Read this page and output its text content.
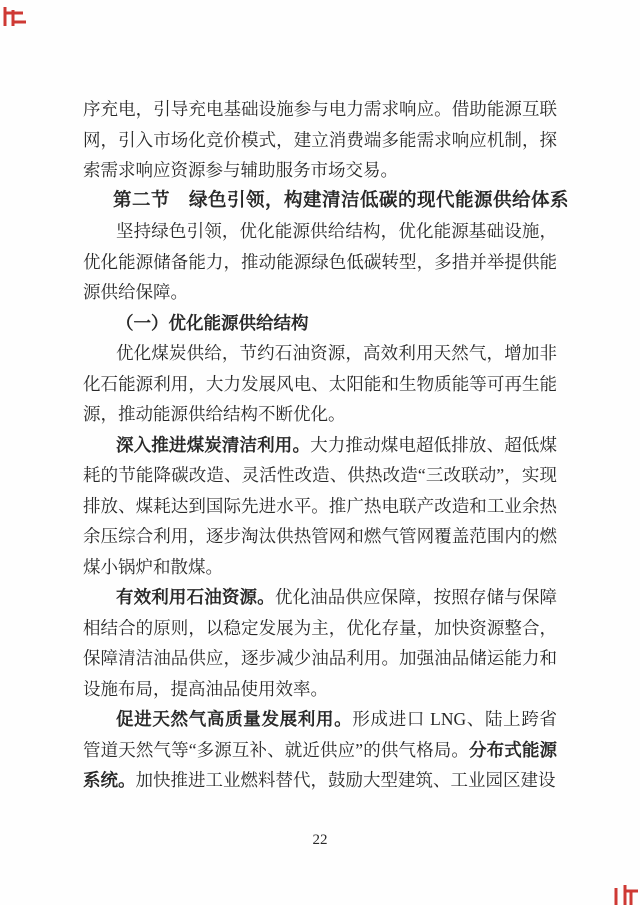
序充电，引导充电基础设施参与电力需求响应。借助能源互联网，引入市场化竞价模式，建立消费端多能需求响应机制，探索需求响应资源参与辅助服务市场交易。

第二节　绿色引领，构建清洁低碳的现代能源供给体系

坚持绿色引领，优化能源供给结构，优化能源基础设施，优化能源储备能力，推动能源绿色低碳转型，多措并举提供能源供给保障。

（一）优化能源供给结构

优化煤炭供给，节约石油资源，高效利用天然气，增加非化石能源利用，大力发展风电、太阳能和生物质能等可再生能源，推动能源供给结构不断优化。

深入推进煤炭清洁利用。大力推动煤电超低排放、超低煤耗的节能降碳改造、灵活性改造、供热改造“三改联动”，实现排放、煤耗达到国际先进水平。推广热电联产改造和工业余热余压综合利用，逐步淘汰供热管网和燃气管网覆盖范围内的燃煤小锅炉和散煤。

有效利用石油资源。优化油品供应保障，按照存储与保障相结合的原则，以稳定发展为主，优化存量，加快资源整合，保障清洁油品供应，逐步减少油品利用。加强油品储运能力和设施布局，提高油品使用效率。

促进天然气高质量发展利用。形成进口 LNG、陆上跨省管道天然气等“多源互补、就近供应”的供气格局。分布式能源系统。加快推进工业燃料替代，鼓励大型建筑、工业园区建设

22
